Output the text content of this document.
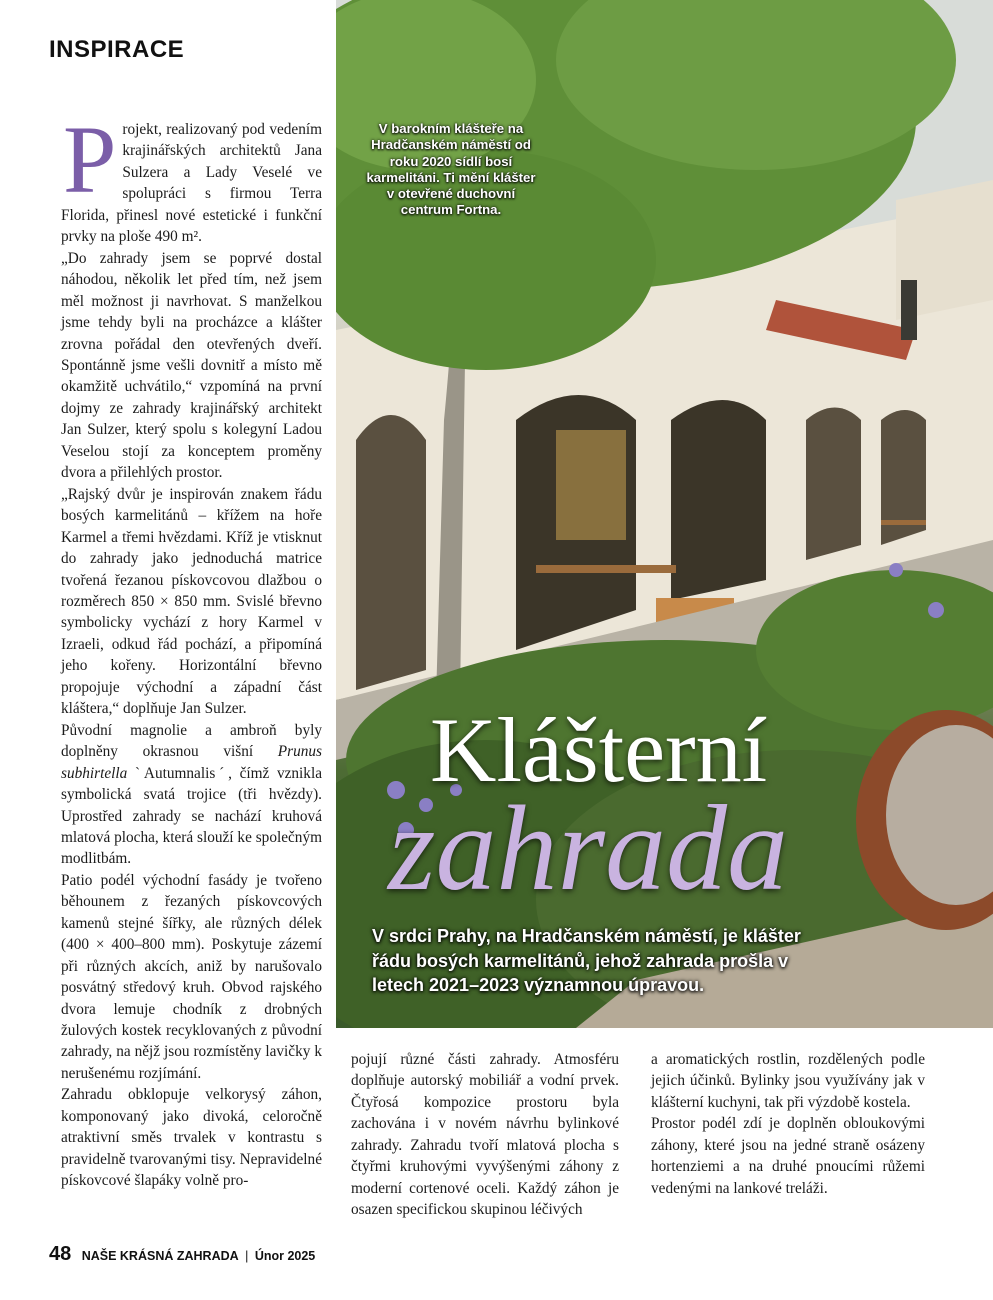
INSPIRACE

Projekt, realizovaný pod vedením krajinářských architektů Jana Sulzera a Lady Veselé ve spolupráci s firmou Terra Florida, přinesl nové estetické i funkční prvky na ploše 490 m².

„Do zahrady jsem se poprvé dostal náhodou, několik let před tím, než jsem měl možnost ji navrhovat. S manželkou jsme tehdy byli na procházce a klášter zrovna pořádal den otevřených dveří. Spontánně jsme vešli dovnitř a místo mě okamžitě uchvátilo,“ vzpomíná na první dojmy ze zahrady krajinářský architekt Jan Sulzer, který spolu s kolegyní Ladou Veselou stojí za konceptem proměny dvora a přilehlých prostor.

„Rajský dvůr je inspirován znakem řádu bosých karmelitánů – křížem na hoře Karmel a třemi hvězdami. Kříž je vtisknut do zahrady jako jednoduchá matrice tvořená řezanou pískovcovou dlažbou o rozměrech 850 × 850 mm. Svislé břevno symbolicky vychází z hory Karmel v Izraeli, odkud řád pochází, a připomíná jeho kořeny. Horizontální břevno propojuje východní a západní část kláštera,“ doplňuje Jan Sulzer.

Původní magnolie a ambroň byly doplněny okrasnou višní Prunus subhirtella ˋAutumnalisˊ, čímž vznikla symbolická svatá trojice (tři hvězdy). Uprostřed zahrady se nachází kruhová mlatová plocha, která slouží ke společným modlitbám.

Patio podél východní fasády je tvořeno běhounem z řezaných pískovcových kamenů stejné šířky, ale různých délek (400 × 400–800 mm). Poskytuje zázemí při různých akcích, aniž by narušovalo posvátný středový kruh. Obvod rajského dvora lemuje chodník z drobných žulových kostek recyklovaných z původní zahrady, na nějž jsou rozmístěny lavičky k nerušenému rozjímání.

Zahradu obklopuje velkorysý záhon, komponovaný jako divoká, celoročně atraktivní směs trvalek v kontrastu s pravidelně tvarovanými tisy. Nepravidelné pískovcové šlapáky volně pro-

V barokním klášteře na Hradčanském náměstí od roku 2020 sídlí bosí karmelitáni. Ti mění klášter v otevřené duchovní centrum Fortna.
Klášterní
zahrada
V srdci Prahy, na Hradčanském náměstí, je klášter řádu bosých karmelitánů, jehož zahrada prošla v letech 2021–2023 významnou úpravou.

pojují různé části zahrady. Atmosféru doplňuje autorský mobiliář a vodní prvek. Čtyřosá kompozice prostoru byla zachována i v novém návrhu bylinkové zahrady. Zahradu tvoří mlatová plocha s čtyřmi kruhovými vyvýšenými záhony z moderní cortenové oceli. Každý záhon je osazen specifickou skupinou léčivých

a aromatických rostlin, rozdělených podle jejich účinků. Bylinky jsou využívány jak v klášterní kuchyni, tak při výzdobě kostela.

Prostor podél zdí je doplněn obloukovými záhony, které jsou na jedné straně osázeny hortenziemi a na druhé pnoucími růžemi vedenými na lankové treláži.

48 NAŠE KRÁSNÁ ZAHRADA | Únor 2025
